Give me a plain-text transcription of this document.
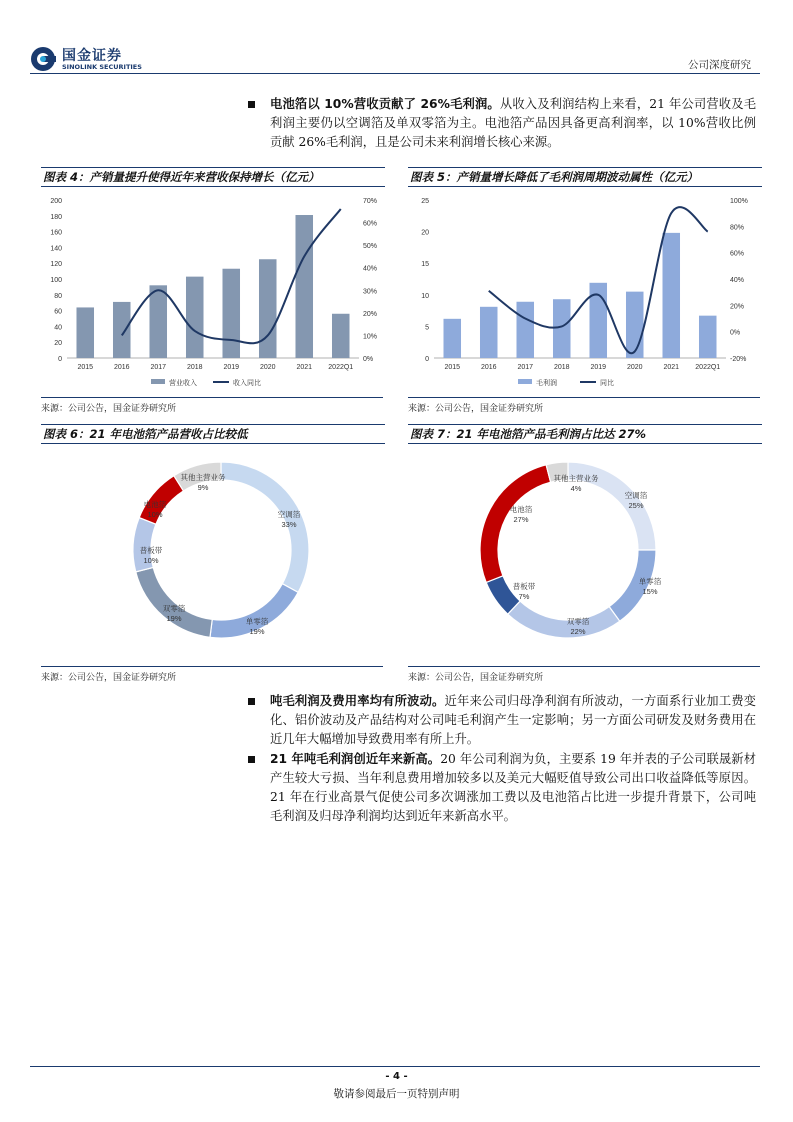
国金证券
SINOLINK SECURITIES	公司深度研究
电池箔以 10%营收贡献了 26%毛利润。从收入及利润结构上来看，21 年公司营收及毛利润主要仍以空调箔及单双零箔为主。电池箔产品因具备更高利润率，以 10%营收比例贡献 26%毛利润，且是公司未来利润增长核心来源。
图表 4：产销量提升使得近年来营收保持增长（亿元）
0
20
40
60
80
100
120
140
160
180
200
0%
10%
20%
30%
40%
50%
60%
70%
2015	2016	2017	2018	2019	2020	2021 2022Q1
营业收入	收入同比
来源：公司公告，国金证券研究所
图表 5：产销量增长降低了毛利润周期波动属性（亿元）
0
5
10
15
20
25
-20%
0%
20%
40%
60%
80%
100%
2015	2016	2017	2018	2019	2020	2021 2022Q1
毛利润	同比
来源：公司公告，国金证券研究所
图表 6：21 年电池箔产品营收占比较低
空调箔
33%
单零箔
19%
双零箔
19%
普板带
10%
电池箔
10%
其他主营业务
9%
来源：公司公告，国金证券研究所
图表 7：21 年电池箔产品毛利润占比达 27%
空调箔
25%
单零箔
15%
双零箔
22%
普板带
7%
电池箔
27%
其他主营业务
4%
来源：公司公告，国金证券研究所
吨毛利润及费用率均有所波动。近年来公司归母净利润有所波动，一方面系行业加工费变化、铝价波动及产品结构对公司吨毛利润产生一定影响；另一方面公司研发及财务费用在近几年大幅增加导致费用率有所上升。
21 年吨毛利润创近年来新高。20 年公司利润为负，主要系 19 年并表的子公司联晟新材产生较大亏损、当年利息费用增加较多以及美元大幅贬值导致公司出口收益降低等原因。21 年在行业高景气促使公司多次调涨加工费以及电池箔占比进一步提升背景下，公司吨毛利润及归母净利润均达到近年来新高水平。
- 4 -
敬请参阅最后一页特别声明
